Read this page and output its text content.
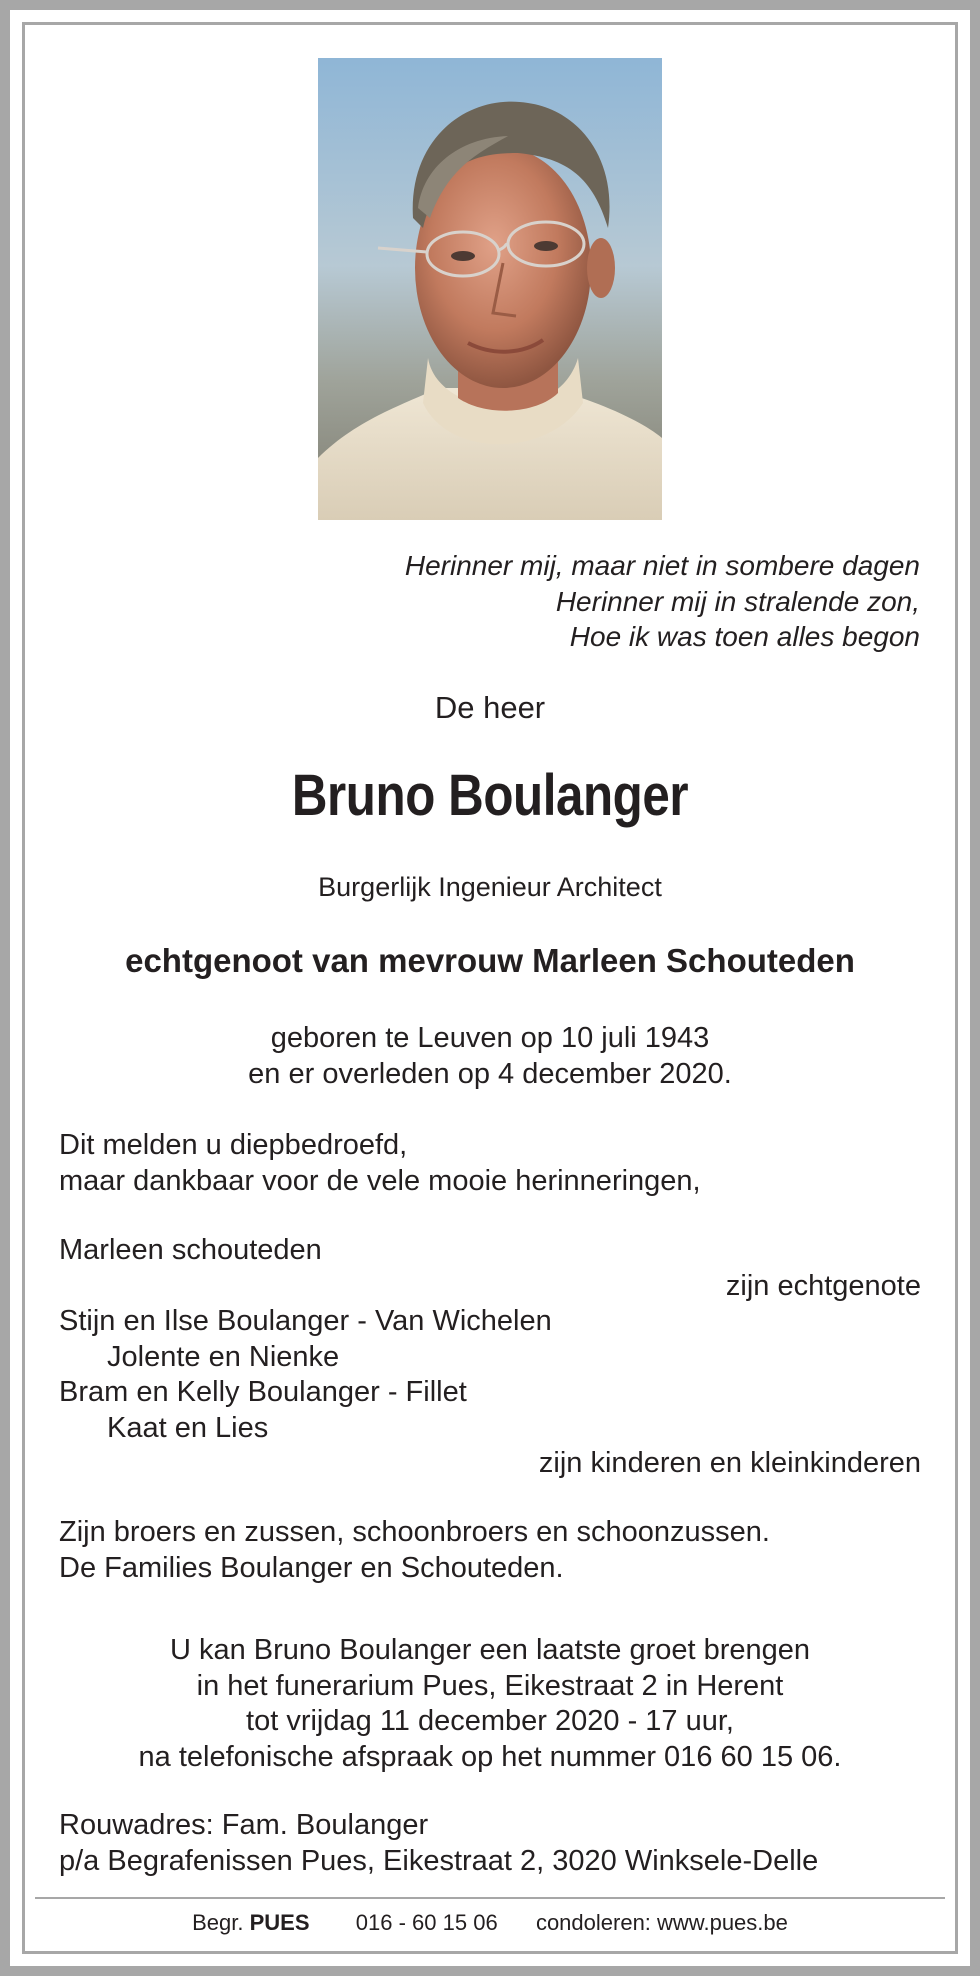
Herinner mij, maar niet in sombere dagen
Herinner mij in stralende zon,
Hoe ik was toen alles begon
De heer
Bruno Boulanger
Burgerlijk Ingenieur Architect
echtgenoot van mevrouw Marleen Schouteden
geboren te Leuven op 10 juli 1943
en er overleden op 4 december 2020.
Dit melden u diepbedroefd,
maar dankbaar voor de vele mooie herinneringen,
Marleen schouteden
zijn echtgenote
Stijn en Ilse Boulanger - Van Wichelen
Jolente en Nienke
Bram en Kelly Boulanger - Fillet
Kaat en Lies
zijn kinderen en kleinkinderen
Zijn broers en zussen, schoonbroers en schoonzussen.
De Families Boulanger en Schouteden.
U kan Bruno Boulanger een laatste groet brengen
in het funerarium Pues, Eikestraat 2 in Herent
tot vrijdag 11 december 2020 - 17 uur,
na telefonische afspraak op het nummer 016 60 15 06.
Rouwadres: Fam. Boulanger
p/a Begrafenissen Pues, Eikestraat 2, 3020 Winksele-Delle
Begr. PUES 016 - 60 15 06 condoleren: www.pues.be
